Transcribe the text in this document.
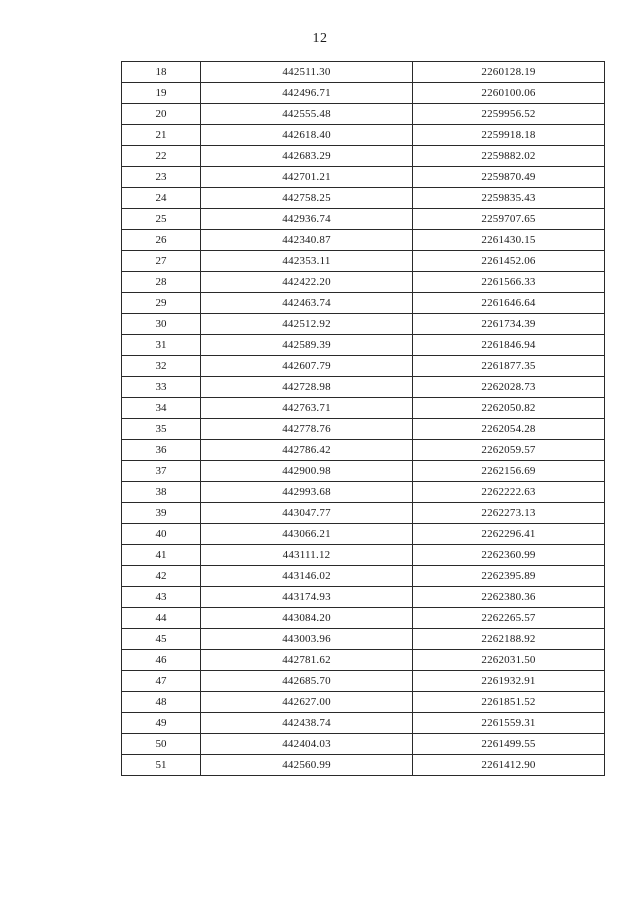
12
18	442511.30	2260128.19
19	442496.71	2260100.06
20	442555.48	2259956.52
21	442618.40	2259918.18
22	442683.29	2259882.02
23	442701.21	2259870.49
24	442758.25	2259835.43
25	442936.74	2259707.65
26	442340.87	2261430.15
27	442353.11	2261452.06
28	442422.20	2261566.33
29	442463.74	2261646.64
30	442512.92	2261734.39
31	442589.39	2261846.94
32	442607.79	2261877.35
33	442728.98	2262028.73
34	442763.71	2262050.82
35	442778.76	2262054.28
36	442786.42	2262059.57
37	442900.98	2262156.69
38	442993.68	2262222.63
39	443047.77	2262273.13
40	443066.21	2262296.41
41	443111.12	2262360.99
42	443146.02	2262395.89
43	443174.93	2262380.36
44	443084.20	2262265.57
45	443003.96	2262188.92
46	442781.62	2262031.50
47	442685.70	2261932.91
48	442627.00	2261851.52
49	442438.74	2261559.31
50	442404.03	2261499.55
51	442560.99	2261412.90
